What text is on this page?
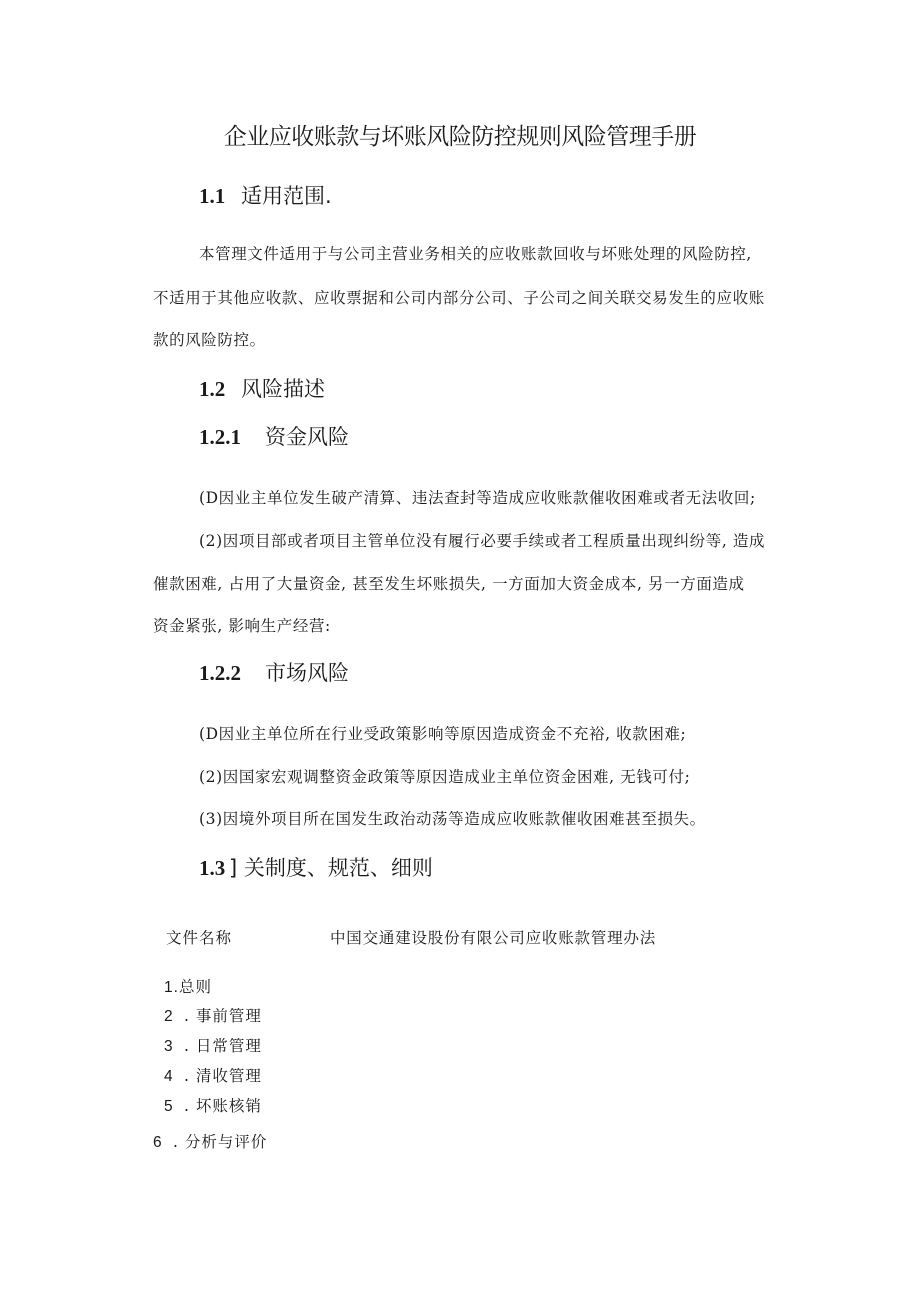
企业应收账款与坏账风险防控规则风险管理手册
1.1 适用范围.
本管理文件适用于与公司主营业务相关的应收账款回收与坏账处理的风险防控,
不适用于其他应收款、应收票据和公司内部分公司、子公司之间关联交易发生的应收账
款的风险防控。
1.2 风险描述
1.2.1 资金风险
(D因业主单位发生破产清算、违法查封等造成应收账款催收困难或者无法收回;
(2)因项目部或者项目主管单位没有履行必要手续或者工程质量出现纠纷等, 造成
催款困难, 占用了大量资金, 甚至发生坏账损失, 一方面加大资金成本, 另一方面造成
资金紧张, 影响生产经营:
1.2.2 市场风险
(D因业主单位所在行业受政策影响等原因造成资金不充裕, 收款困难;
(2)因国家宏观调整资金政策等原因造成业主单位资金困难, 无钱可付;
(3)因境外项目所在国发生政治动荡等造成应收账款催收困难甚至损失。
1.3 ] 关制度、规范、细则
文件名称	中国交通建设股份有限公司应收账款管理办法
1.总则
2 . 事前管理
3 . 日常管理
4 . 清收管理
5 . 坏账核销
6 . 分析与评价
